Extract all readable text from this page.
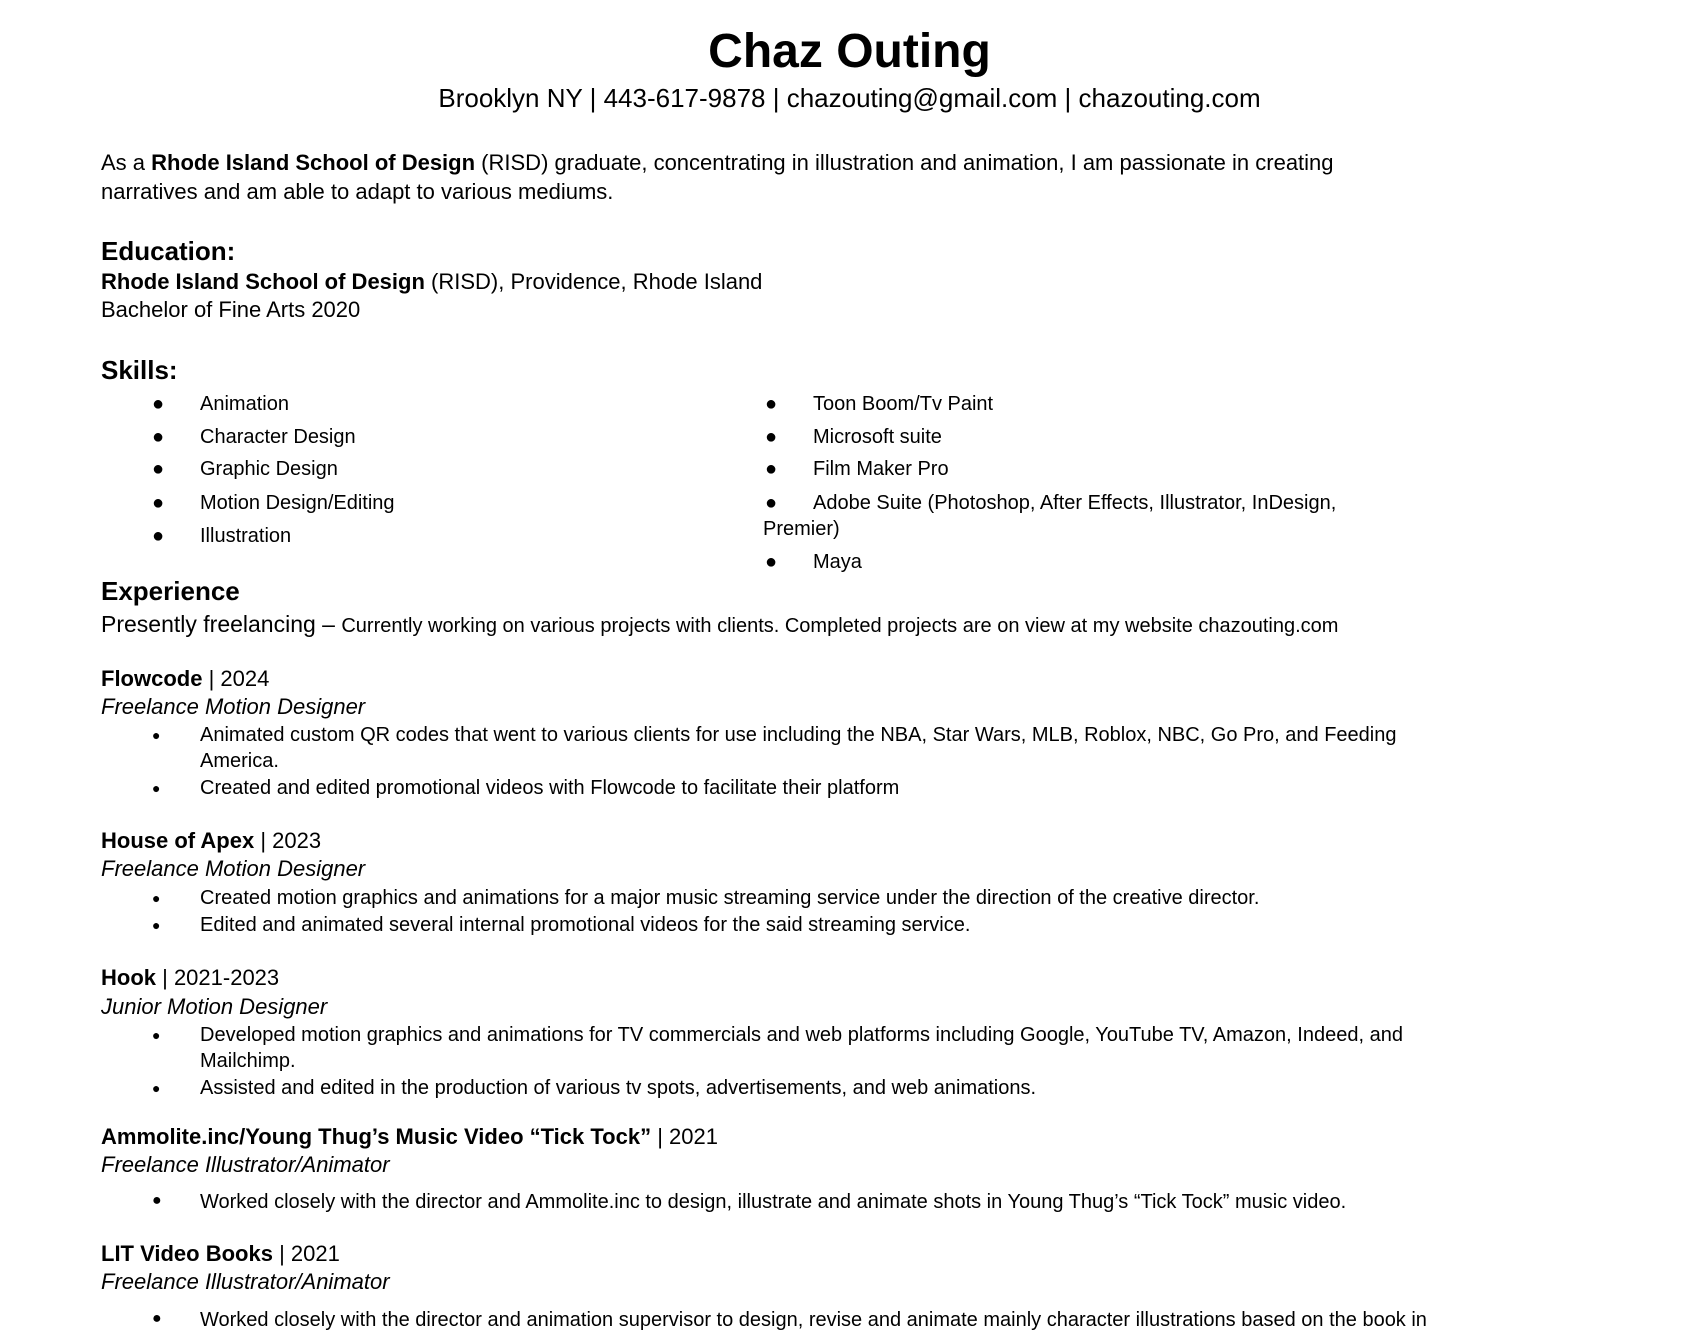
Chaz Outing
Brooklyn NY | 443-617-9878 | chazouting@gmail.com | chazouting.com
As a Rhode Island School of Design (RISD) graduate, concentrating in illustration and animation, I am passionate in creating
narratives and am able to adapt to various mediums.
Education:
Rhode Island School of Design (RISD), Providence, Rhode Island
Bachelor of Fine Arts 2020
Skills:
● Animation
● Character Design
● Graphic Design
● Motion Design/Editing
● Illustration
● Toon Boom/Tv Paint
● Microsoft suite
● Film Maker Pro
● Adobe Suite (Photoshop, After Effects, Illustrator, InDesign,
Premier)
● Maya
Experience
Presently freelancing – Currently working on various projects with clients. Completed projects are on view at my website chazouting.com
Flowcode | 2024
Freelance Motion Designer
● Animated custom QR codes that went to various clients for use including the NBA, Star Wars, MLB, Roblox, NBC, Go Pro, and Feeding
America.
● Created and edited promotional videos with Flowcode to facilitate their platform
House of Apex | 2023
Freelance Motion Designer
● Created motion graphics and animations for a major music streaming service under the direction of the creative director.
● Edited and animated several internal promotional videos for the said streaming service.
Hook | 2021-2023
Junior Motion Designer
● Developed motion graphics and animations for TV commercials and web platforms including Google, YouTube TV, Amazon, Indeed, and
Mailchimp.
● Assisted and edited in the production of various tv spots, advertisements, and web animations.
Ammolite.inc/Young Thug’s Music Video “Tick Tock” | 2021
Freelance Illustrator/Animator
● Worked closely with the director and Ammolite.inc to design, illustrate and animate shots in Young Thug’s “Tick Tock” music video.
LIT Video Books | 2021
Freelance Illustrator/Animator
● Worked closely with the director and animation supervisor to design, revise and animate mainly character illustrations based on the book in
